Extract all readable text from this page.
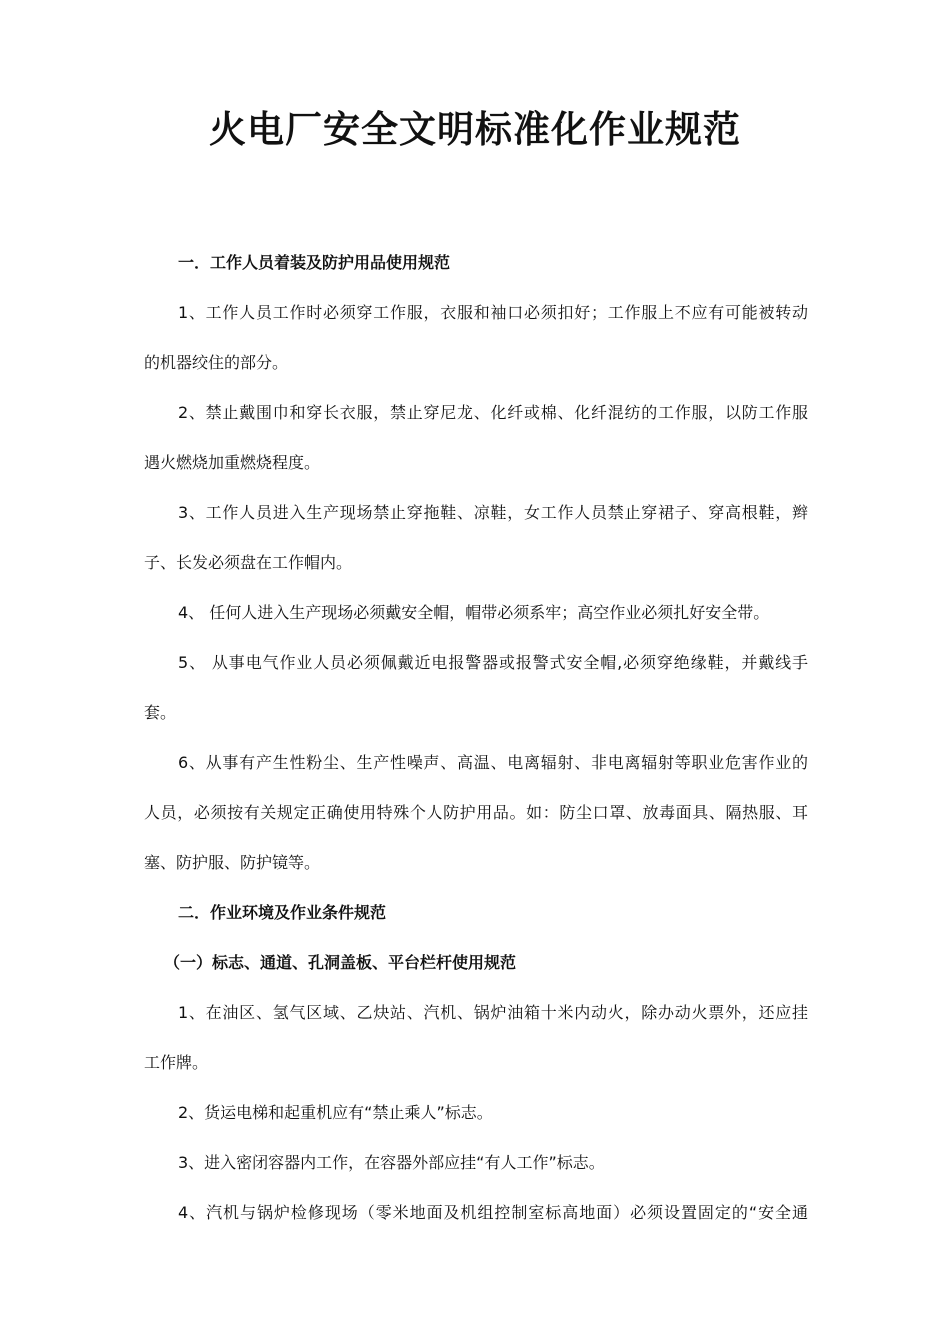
火电厂安全文明标准化作业规范
一．工作人员着装及防护用品使用规范
1、工作人员工作时必须穿工作服，衣服和袖口必须扣好；工作服上不应有可能被转动
的机器绞住的部分。
2、禁止戴围巾和穿长衣服，禁止穿尼龙、化纤或棉、化纤混纺的工作服，以防工作服
遇火燃烧加重燃烧程度。
3、工作人员进入生产现场禁止穿拖鞋、凉鞋，女工作人员禁止穿裙子、穿高根鞋，辫
子、长发必须盘在工作帽内。
4、 任何人进入生产现场必须戴安全帽，帽带必须系牢；高空作业必须扎好安全带。
5、 从事电气作业人员必须佩戴近电报警器或报警式安全帽,必须穿绝缘鞋，并戴线手
套。
6、从事有产生性粉尘、生产性噪声、高温、电离辐射、非电离辐射等职业危害作业的
人员，必须按有关规定正确使用特殊个人防护用品。如：防尘口罩、放毒面具、隔热服、耳
塞、防护服、防护镜等。
二．作业环境及作业条件规范
（一）标志、通道、孔洞盖板、平台栏杆使用规范
1、在油区、氢气区域、乙炔站、汽机、锅炉油箱十米内动火，除办动火票外，还应挂
工作牌。
2、货运电梯和起重机应有“禁止乘人”标志。
3、进入密闭容器内工作，在容器外部应挂“有人工作”标志。
4、汽机与锅炉检修现场（零米地面及机组控制室标高地面）必须设置固定的“安全通
